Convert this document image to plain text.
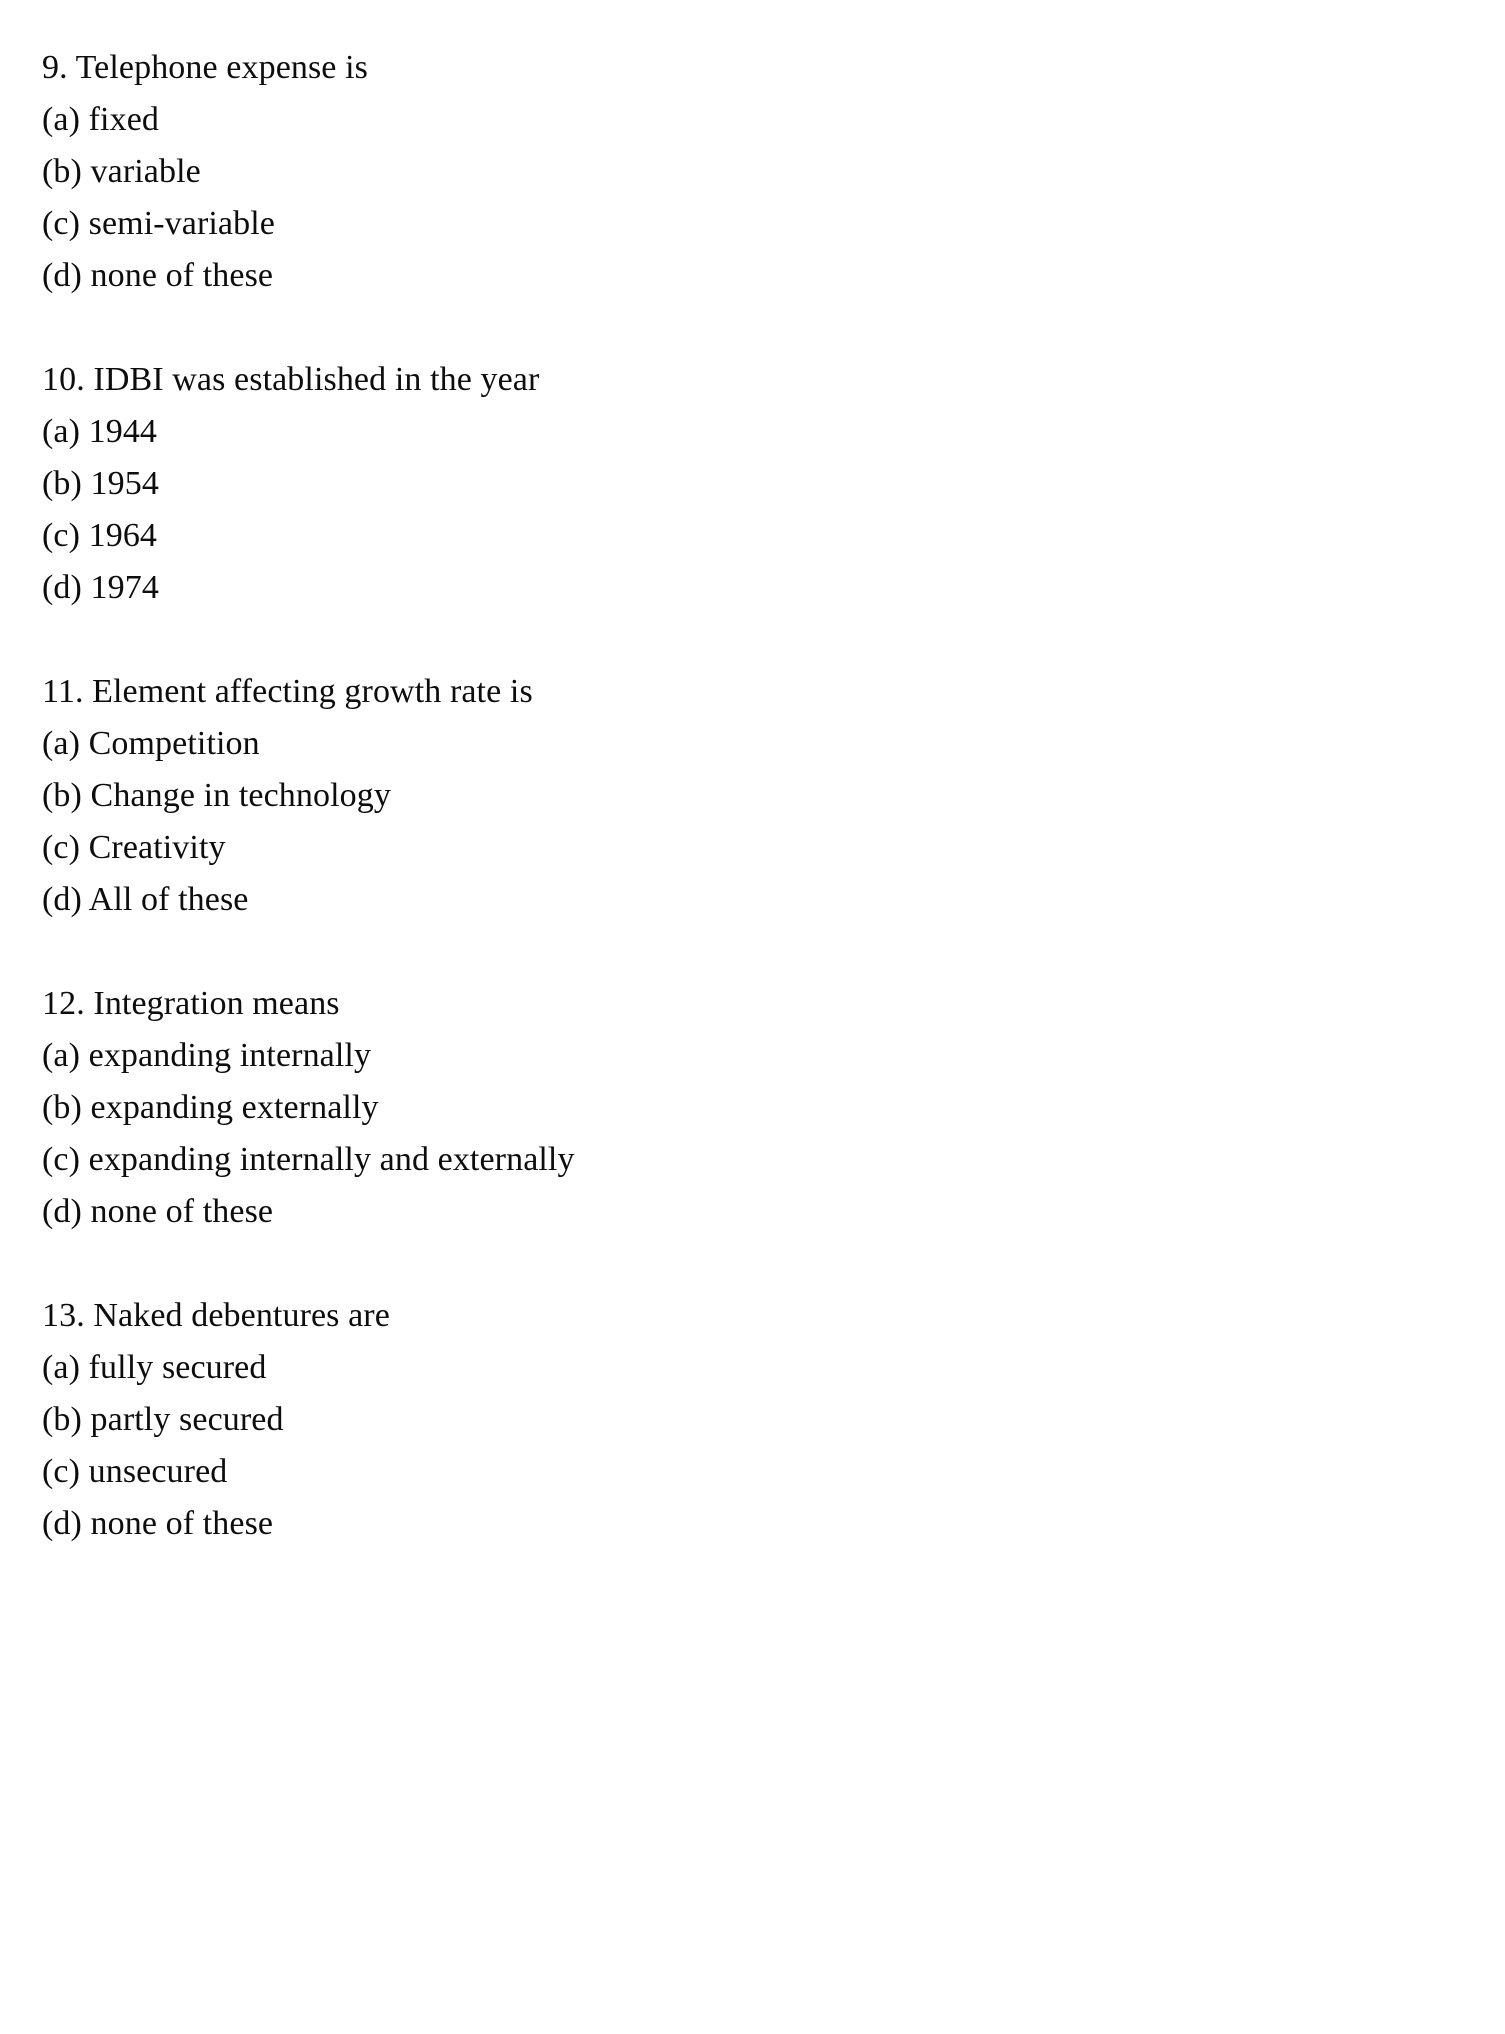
9. Telephone expense is

(a) fixed

(b) variable

(c) semi-variable

(d) none of these

10. IDBI was established in the year

(a) 1944

(b) 1954

(c) 1964

(d) 1974

11. Element affecting growth rate is

(a) Competition

(b) Change in technology

(c) Creativity

(d) All of these

12. Integration means

(a) expanding internally

(b) expanding externally

(c) expanding internally and externally

(d) none of these

13. Naked debentures are

(a) fully secured

(b) partly secured

(c) unsecured

(d) none of these
